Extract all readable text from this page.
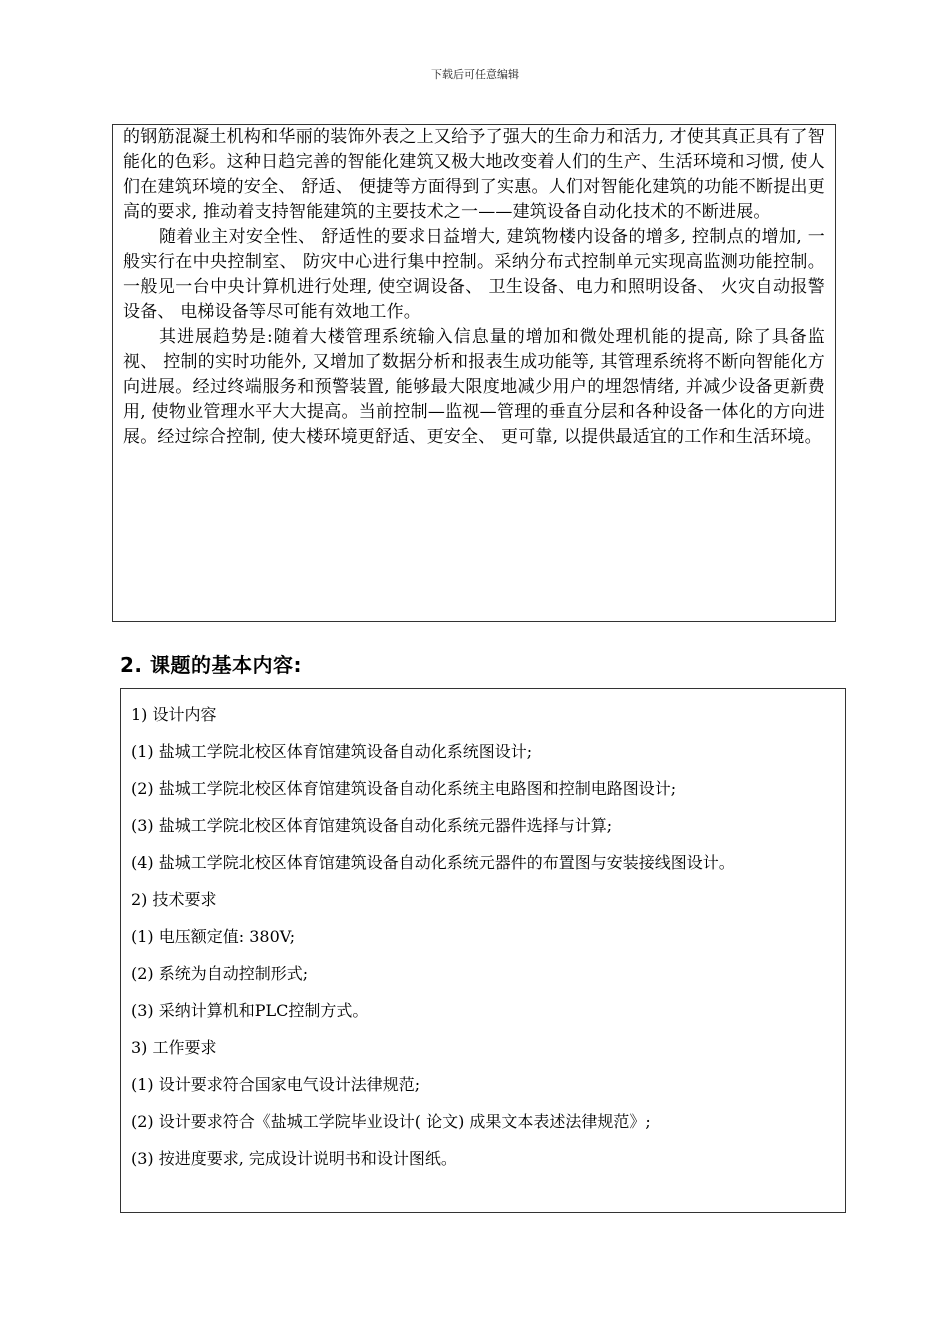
下载后可任意编辑

的钢筋混凝土机构和华丽的装饰外表之上又给予了强大的生命力和活力, 才使其真正具有了智能化的色彩。这种日趋完善的智能化建筑又极大地改变着人们的生产、生活环境和习惯, 使人们在建筑环境的安全、 舒适、 便捷等方面得到了实惠。人们对智能化建筑的功能不断提出更高的要求, 推动着支持智能建筑的主要技术之一——建筑设备自动化技术的不断进展。

随着业主对安全性、 舒适性的要求日益增大, 建筑物楼内设备的增多, 控制点的增加, 一般实行在中央控制室、 防灾中心进行集中控制。采纳分布式控制单元实现高监测功能控制。一般见一台中央计算机进行处理, 使空调设备、 卫生设备、电力和照明设备、 火灾自动报警设备、 电梯设备等尽可能有效地工作。

其进展趋势是:随着大楼管理系统输入信息量的增加和微处理机能的提高, 除了具备监视、 控制的实时功能外, 又增加了数据分析和报表生成功能等, 其管理系统将不断向智能化方向进展。经过终端服务和预警装置, 能够最大限度地减少用户的埋怨情绪, 并减少设备更新费用, 使物业管理水平大大提高。当前控制—监视—管理的垂直分层和各种设备一体化的方向进展。经过综合控制, 使大楼环境更舒适、更安全、 更可靠, 以提供最适宜的工作和生活环境。

2. 课题的基本内容:
1) 设计内容
(1) 盐城工学院北校区体育馆建筑设备自动化系统图设计;
(2) 盐城工学院北校区体育馆建筑设备自动化系统主电路图和控制电路图设计;
(3) 盐城工学院北校区体育馆建筑设备自动化系统元器件选择与计算;
(4) 盐城工学院北校区体育馆建筑设备自动化系统元器件的布置图与安装接线图设计。
2) 技术要求
(1) 电压额定值: 380V;
(2) 系统为自动控制形式;
(3) 采纳计算机和PLC控制方式。
3) 工作要求
(1) 设计要求符合国家电气设计法律规范;
(2) 设计要求符合《盐城工学院毕业设计( 论文) 成果文本表述法律规范》;
(3) 按进度要求, 完成设计说明书和设计图纸。
